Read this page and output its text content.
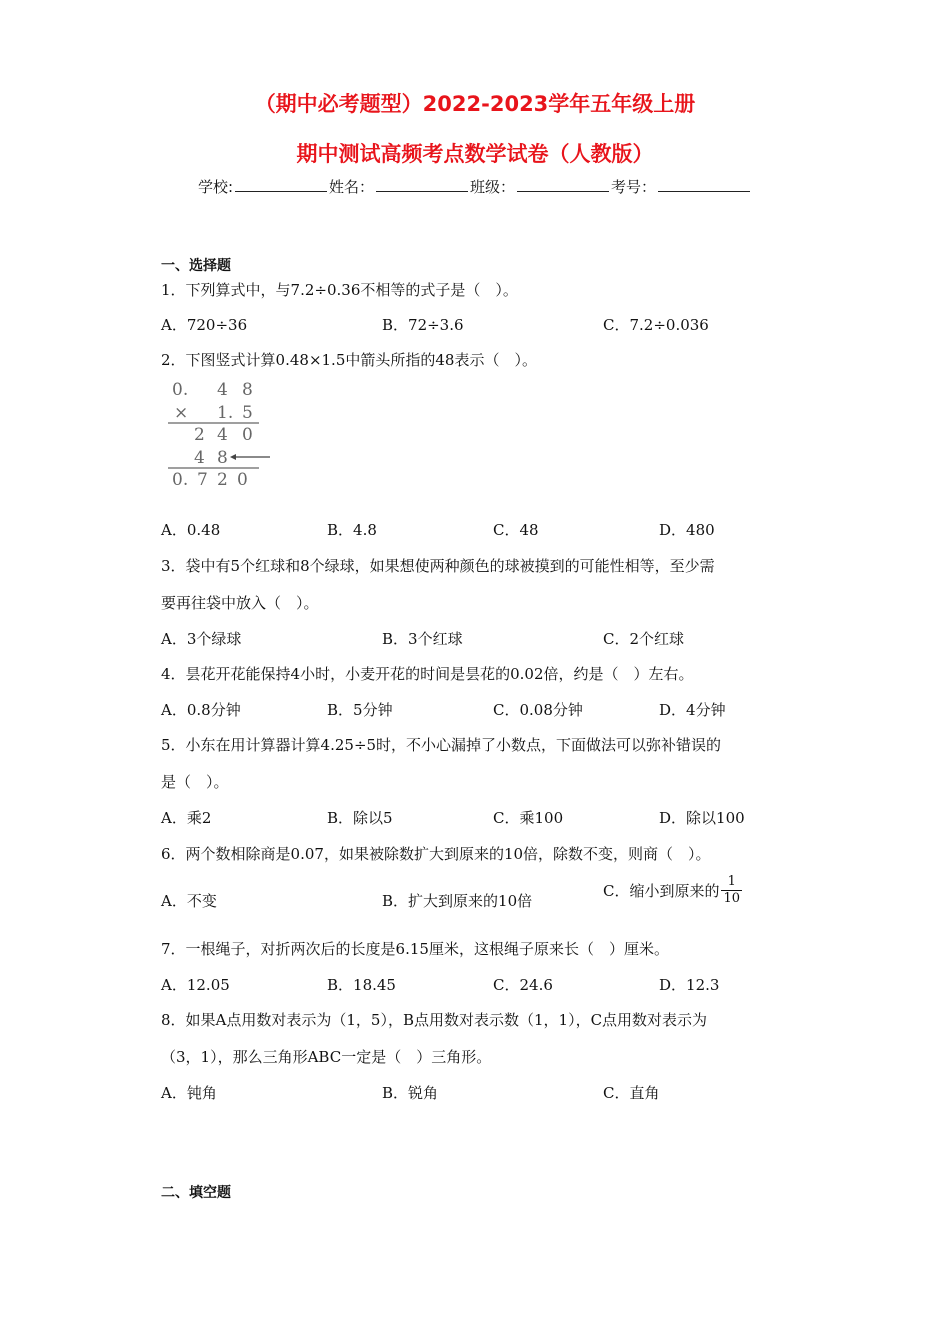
（期中必考题型）2022-2023学年五年级上册
期中测试高频考点数学试卷（人教版）
学校:	姓名：	班级：	考号：
一、选择题
1．下列算式中，与7.2÷0.36不相等的式子是（　）。
A．720÷36	B．72÷3.6	C．7.2÷0.036
2．下图竖式计算0.48×1.5中箭头所指的48表示（　）。
0. 4 8
× 1. 5
2 4 0
4 8
0. 7 2 0
A．0.48	B．4.8	C．48	D．480
3．袋中有5个红球和8个绿球，如果想使两种颜色的球被摸到的可能性相等，至少需
要再往袋中放入（　）。
A．3个绿球	B．3个红球	C．2个红球
4．昙花开花能保持4小时，小麦开花的时间是昙花的0.02倍，约是（　）左右。
A．0.8分钟	B．5分钟	C．0.08分钟	D．4分钟
5．小东在用计算器计算4.25÷5时，不小心漏掉了小数点，下面做法可以弥补错误的
是（　）。
A．乘2	B．除以5	C．乘100	D．除以100
6．两个数相除商是0.07，如果被除数扩大到原来的10倍，除数不变，则商（　）。
A．不变	B．扩大到原来的10倍
C．缩小到原来的 $\frac{1}{10}$
7．一根绳子，对折两次后的长度是6.15厘米，这根绳子原来长（　）厘米。
A．12.05	B．18.45	C．24.6	D．12.3
8．如果A点用数对表示为（1，5），B点用数对表示数（1，1），C点用数对表示为
（3，1），那么三角形ABC一定是（　）三角形。
A．钝角	B．锐角	C．直角
二、填空题
